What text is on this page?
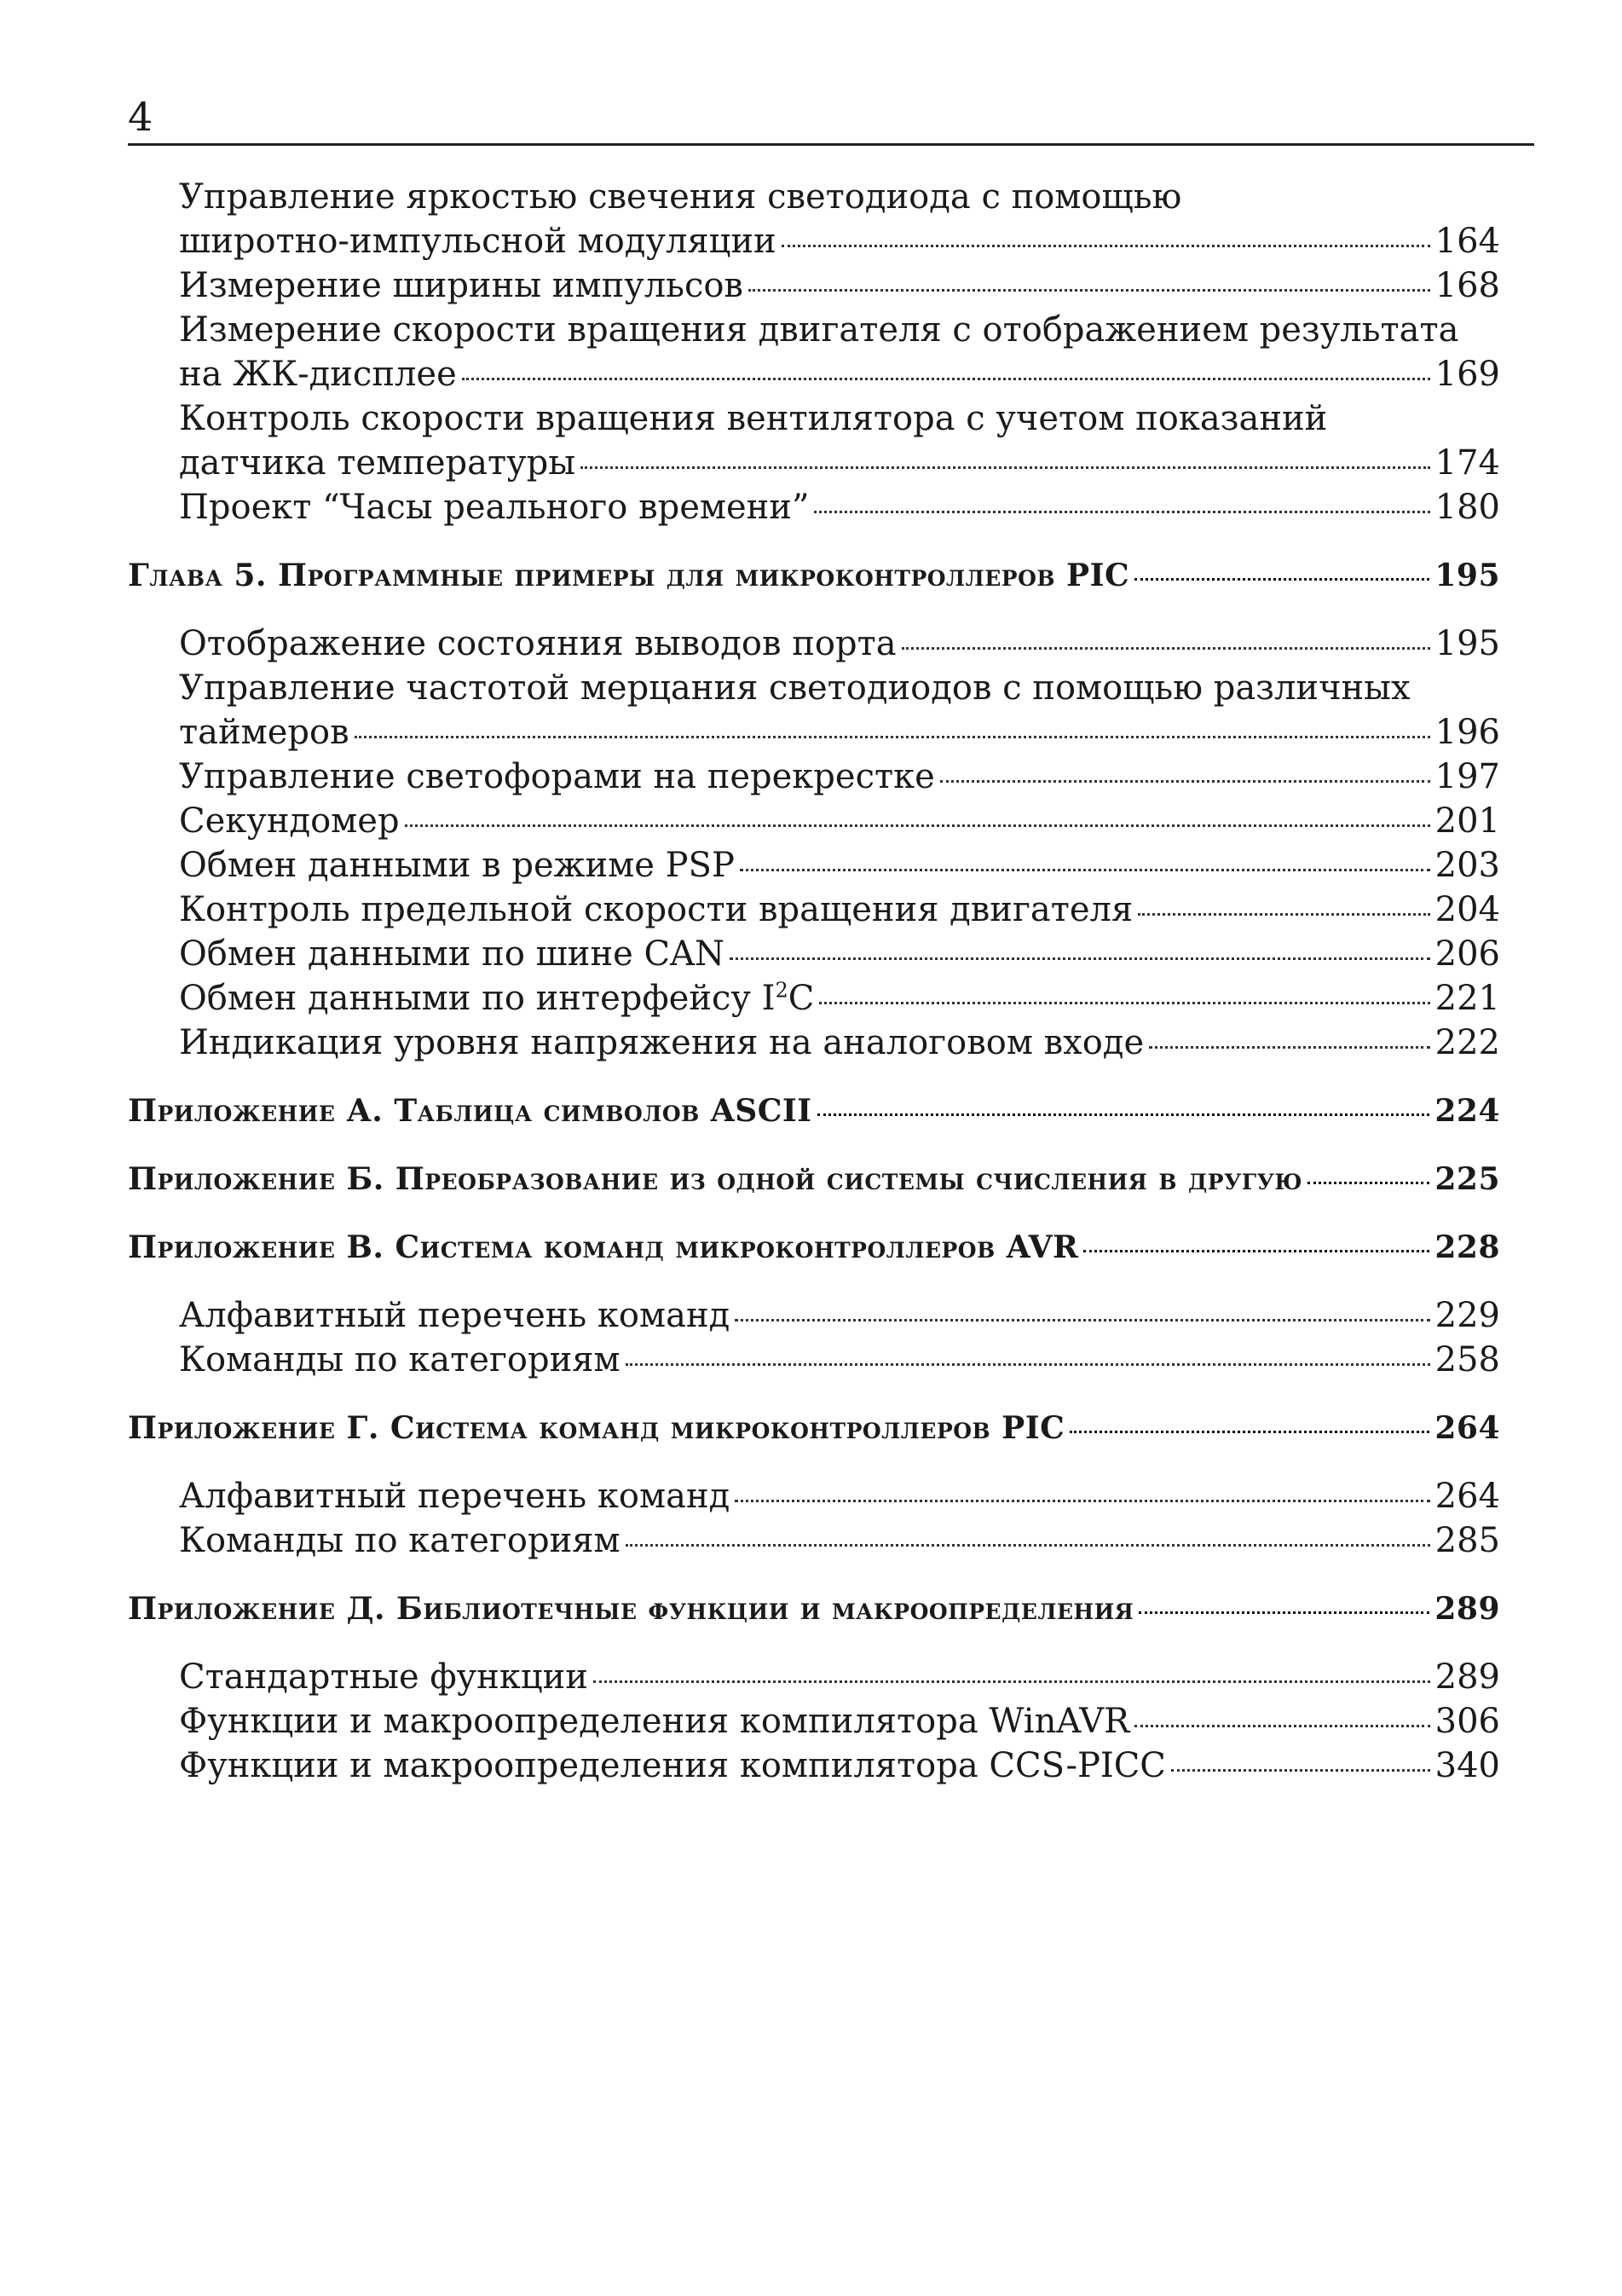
4
Управление яркостью свечения светодиода с помощью
широтно-импульсной модуляции	164
Измерение ширины импульсов	168
Измерение скорости вращения двигателя с отображением результата
на ЖК-дисплее	169
Контроль скорости вращения вентилятора с учетом показаний
датчика температуры	174
Проект “Часы реального времени”	180
Глава 5. Программные примеры для микроконтроллеров PIC	195
Отображение состояния выводов порта	195
Управление частотой мерцания светодиодов с помощью различных
таймеров	196
Управление светофорами на перекрестке	197
Секундомер	201
Обмен данными в режиме PSP	203
Контроль предельной скорости вращения двигателя	204
Обмен данными по шине CAN	206
Обмен данными по интерфейсу $I^2C$	221
Индикация уровня напряжения на аналоговом входе	222
Приложение А. Таблица символов ASCII	224
Приложение Б. Преобразование из одной системы счисления в другую	225
Приложение В. Система команд микроконтроллеров AVR	228
Алфавитный перечень команд	229
Команды по категориям	258
Приложение Г. Система команд микроконтроллеров PIC	264
Алфавитный перечень команд	264
Команды по категориям	285
Приложение Д. Библиотечные функции и макроопределения	289
Стандартные функции	289
Функции и макроопределения компилятора WinAVR	306
Функции и макроопределения компилятора CCS-PICC	340
